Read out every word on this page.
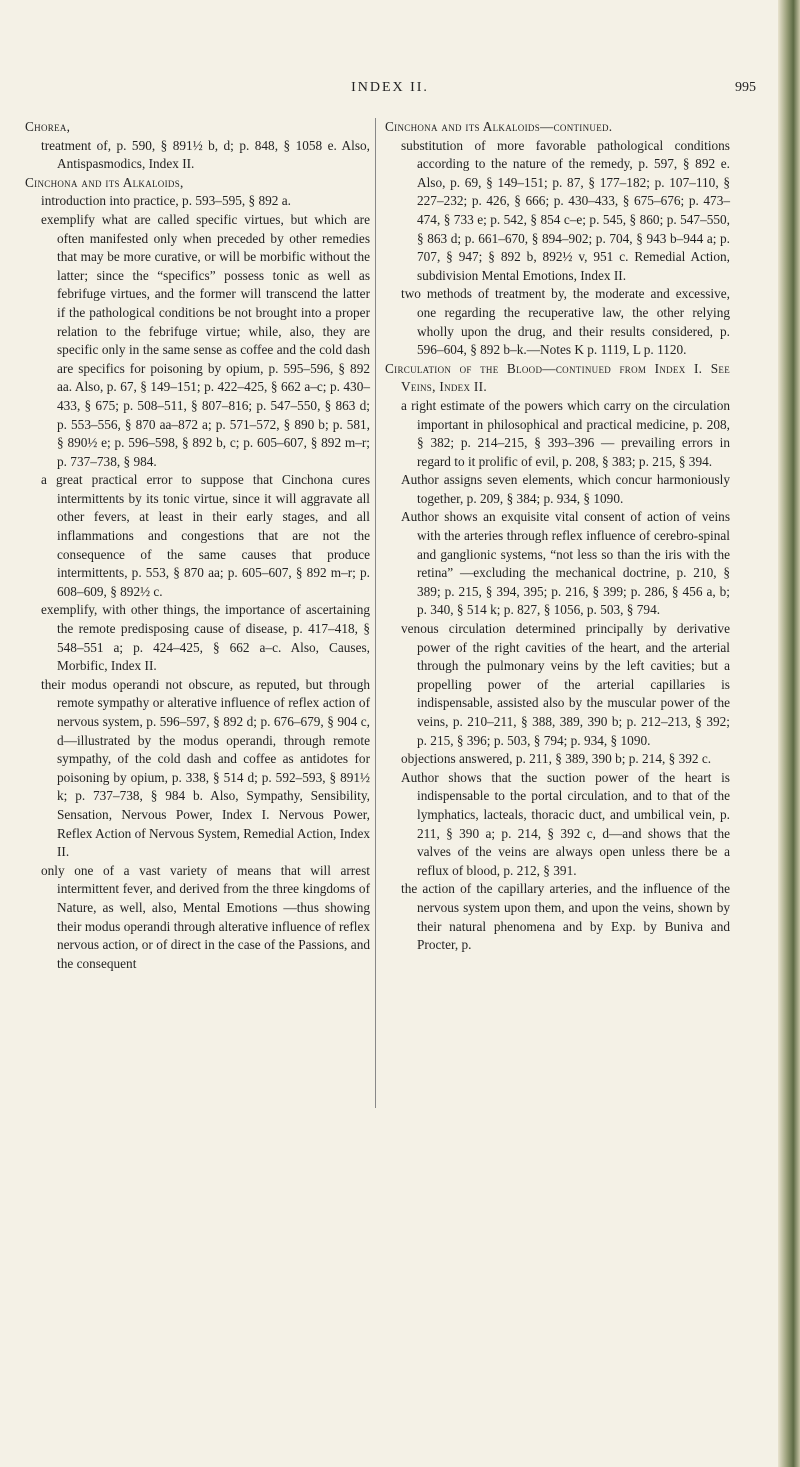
INDEX II.	995

Chorea,

treatment of, p. 590, § 891½ b, d; p. 848, § 1058 e. Also, Antispasmodics, Index II.

Cinchona and its Alkaloids,

introduction into practice, p. 593–595, § 892 a.

exemplify what are called specific virtues, but which are often manifested only when preceded by other remedies that may be more curative, or will be morbific without the latter; since the “specifics” possess tonic as well as febrifuge virtues, and the former will transcend the latter if the pathological conditions be not brought into a proper relation to the febrifuge virtue; while, also, they are specific only in the same sense as coffee and the cold dash are specifics for poisoning by opium, p. 595–596, § 892 aa. Also, p. 67, § 149–151; p. 422–425, § 662 a–c; p. 430–433, § 675; p. 508–511, § 807–816; p. 547–550, § 863 d; p. 553–556, § 870 aa–872 a; p. 571–572, § 890 b; p. 581, § 890½ e; p. 596–598, § 892 b, c; p. 605–607, § 892 m–r; p. 737–738, § 984.

a great practical error to suppose that Cinchona cures intermittents by its tonic virtue, since it will aggravate all other fevers, at least in their early stages, and all inflammations and congestions that are not the consequence of the same causes that produce intermittents, p. 553, § 870 aa; p. 605–607, § 892 m–r; p. 608–609, § 892½ c.

exemplify, with other things, the importance of ascertaining the remote predisposing cause of disease, p. 417–418, § 548–551 a; p. 424–425, § 662 a–c. Also, Causes, Morbific, Index II.

their modus operandi not obscure, as reputed, but through remote sympathy or alterative influence of reflex action of nervous system, p. 596–597, § 892 d; p. 676–679, § 904 c, d—illustrated by the modus operandi, through remote sympathy, of the cold dash and coffee as antidotes for poisoning by opium, p. 338, § 514 d; p. 592–593, § 891½ k; p. 737–738, § 984 b. Also, Sympathy, Sensibility, Sensation, Nervous Power, Index I. Nervous Power, Reflex Action of Nervous System, Remedial Action, Index II.

only one of a vast variety of means that will arrest intermittent fever, and derived from the three kingdoms of Nature, as well, also, Mental Emotions —thus showing their modus operandi through alterative influence of reflex nervous action, or of direct in the case of the Passions, and the consequent

Cinchona and its Alkaloids—continued.

substitution of more favorable pathological conditions according to the nature of the remedy, p. 597, § 892 e. Also, p. 69, § 149–151; p. 87, § 177–182; p. 107–110, § 227–232; p. 426, § 666; p. 430–433, § 675–676; p. 473–474, § 733 e; p. 542, § 854 c–e; p. 545, § 860; p. 547–550, § 863 d; p. 661–670, § 894–902; p. 704, § 943 b–944 a; p. 707, § 947; § 892 b, 892½ v, 951 c. Remedial Action, subdivision Mental Emotions, Index II.

two methods of treatment by, the moderate and excessive, one regarding the recuperative law, the other relying wholly upon the drug, and their results considered, p. 596–604, § 892 b–k.—Notes K p. 1119, L p. 1120.

Circulation of the Blood—continued from Index I. See Veins, Index II.

a right estimate of the powers which carry on the circulation important in philosophical and practical medicine, p. 208, § 382; p. 214–215, § 393–396 — prevailing errors in regard to it prolific of evil, p. 208, § 383; p. 215, § 394.

Author assigns seven elements, which concur harmoniously together, p. 209, § 384; p. 934, § 1090.

Author shows an exquisite vital consent of action of veins with the arteries through reflex influence of cerebro-spinal and ganglionic systems, “not less so than the iris with the retina” —excluding the mechanical doctrine, p. 210, § 389; p. 215, § 394, 395; p. 216, § 399; p. 286, § 456 a, b; p. 340, § 514 k; p. 827, § 1056, p. 503, § 794.

venous circulation determined principally by derivative power of the right cavities of the heart, and the arterial through the pulmonary veins by the left cavities; but a propelling power of the arterial capillaries is indispensable, assisted also by the muscular power of the veins, p. 210–211, § 388, 389, 390 b; p. 212–213, § 392; p. 215, § 396; p. 503, § 794; p. 934, § 1090.

objections answered, p. 211, § 389, 390 b; p. 214, § 392 c.

Author shows that the suction power of the heart is indispensable to the portal circulation, and to that of the lymphatics, lacteals, thoracic duct, and umbilical vein, p. 211, § 390 a; p. 214, § 392 c, d—and shows that the valves of the veins are always open unless there be a reflux of blood, p. 212, § 391.

the action of the capillary arteries, and the influence of the nervous system upon them, and upon the veins, shown by their natural phenomena and by Exp. by Buniva and Procter, p.
